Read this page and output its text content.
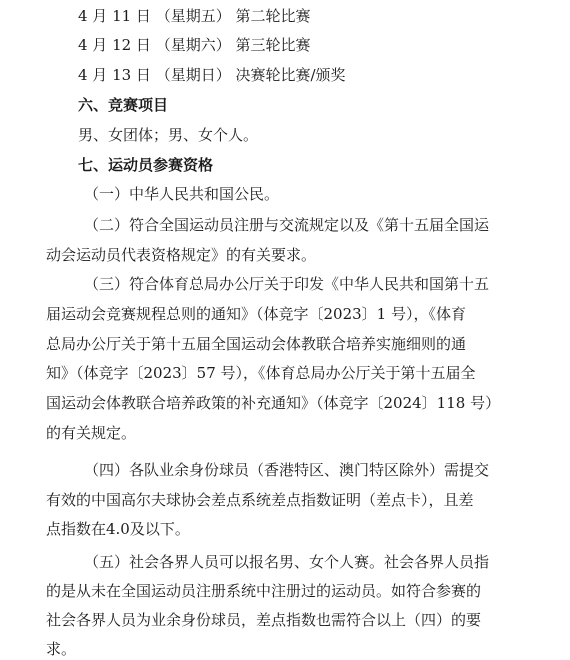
4 月 11 日 （星期五） 第二轮比赛
4 月 12 日 （星期六） 第三轮比赛
4 月 13 日 （星期日） 决赛轮比赛/颁奖
六、竞赛项目
男、女团体；男、女个人。
七、运动员参赛资格
（一）中华人民共和国公民。
（二）符合全国运动员注册与交流规定以及《第十五届全国运
动会运动员代表资格规定》的有关要求。
（三）符合体育总局办公厅关于印发《中华人民共和国第十五
届运动会竞赛规程总则的通知》（体竞字〔2023〕1 号），《体育
总局办公厅关于第十五届全国运动会体教联合培养实施细则的通
知》（体竞字〔2023〕57 号），《体育总局办公厅关于第十五届全
国运动会体教联合培养政策的补充通知》（体竞字〔2024〕118 号）
的有关规定。
（四）各队业余身份球员（香港特区、澳门特区除外）需提交
有效的中国高尔夫球协会差点系统差点指数证明（差点卡），且差
点指数在4.0及以下。
（五）社会各界人员可以报名男、女个人赛。社会各界人员指
的是从未在全国运动员注册系统中注册过的运动员。如符合参赛的
社会各界人员为业余身份球员，差点指数也需符合以上（四）的要
求。
